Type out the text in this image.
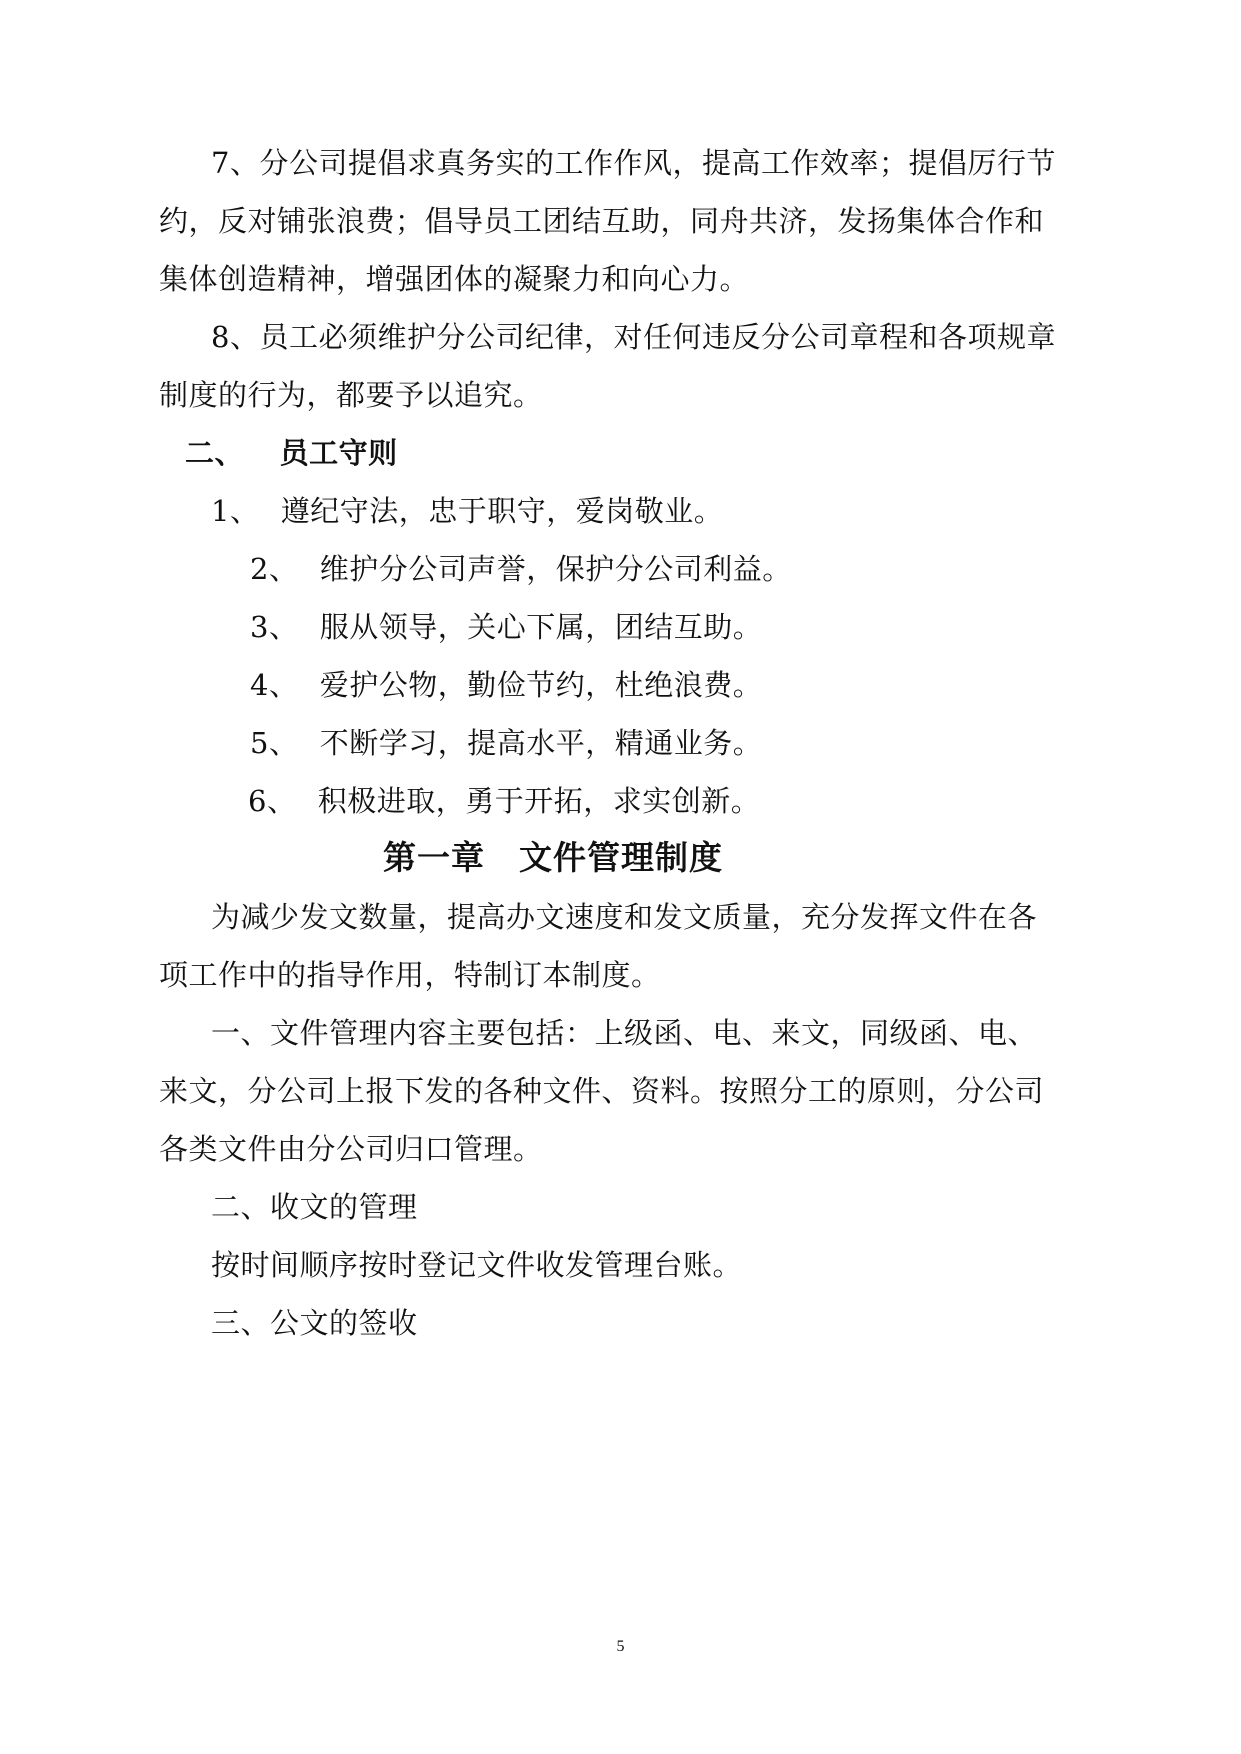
7、分公司提倡求真务实的工作作风，提高工作效率；提倡厉行节
约，反对铺张浪费；倡导员工团结互助，同舟共济，发扬集体合作和
集体创造精神，增强团体的凝聚力和向心力。
8、员工必须维护分公司纪律，对任何违反分公司章程和各项规章
制度的行为，都要予以追究。
二、 员工守则
1、 遵纪守法，忠于职守，爱岗敬业。
2、 维护分公司声誉，保护分公司利益。
3、 服从领导，关心下属，团结互助。
4、 爱护公物，勤俭节约，杜绝浪费。
5、 不断学习，提高水平，精通业务。
6、 积极进取，勇于开拓，求实创新。
第一章　文件管理制度
为减少发文数量，提高办文速度和发文质量，充分发挥文件在各
项工作中的指导作用，特制订本制度。
一、文件管理内容主要包括：上级函、电、来文，同级函、电、
来文，分公司上报下发的各种文件、资料。按照分工的原则，分公司
各类文件由分公司归口管理。
二、收文的管理
按时间顺序按时登记文件收发管理台账。
三、公文的签收
5
